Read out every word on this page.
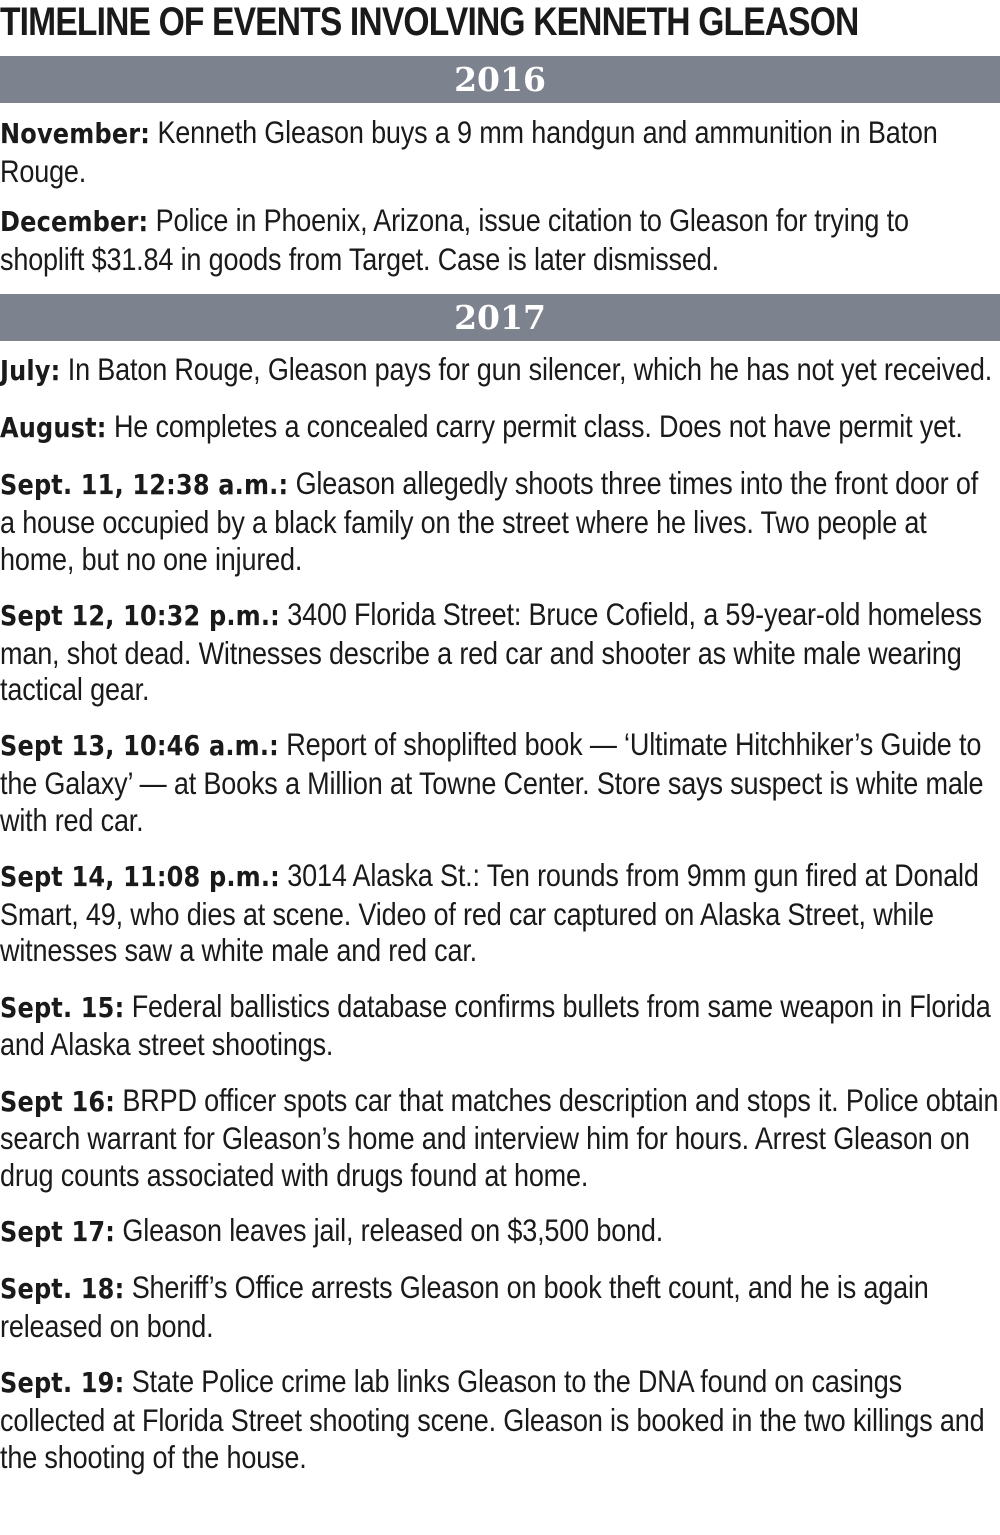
TIMELINE OF EVENTS INVOLVING KENNETH GLEASON
2016

November: Kenneth Gleason buys a 9 mm handgun and ammunition in Baton Rouge.

December: Police in Phoenix, Arizona, issue citation to Gleason for trying to shoplift $31.84 in goods from Target. Case is later dismissed.

2017

July: In Baton Rouge, Gleason pays for gun silencer, which he has not yet received.

August: He completes a concealed carry permit class. Does not have permit yet.

Sept. 11, 12:38 a.m.: Gleason allegedly shoots three times into the front door of a house occupied by a black family on the street where he lives. Two people at home, but no one injured.

Sept 12, 10:32 p.m.: 3400 Florida Street: Bruce Cofield, a 59-year-old homeless man, shot dead. Witnesses describe a red car and shooter as white male wearing tactical gear.

Sept 13, 10:46 a.m.: Report of shoplifted book — ‘Ultimate Hitchhiker’s Guide to the Galaxy’ — at Books a Million at Towne Center. Store says suspect is white male with red car.

Sept 14, 11:08 p.m.: 3014 Alaska St.: Ten rounds from 9mm gun fired at Donald Smart, 49, who dies at scene. Video of red car captured on Alaska Street, while witnesses saw a white male and red car.

Sept. 15: Federal ballistics database confirms bullets from same weapon in Florida and Alaska street shootings.

Sept 16: BRPD officer spots car that matches description and stops it. Police obtain search warrant for Gleason’s home and interview him for hours. Arrest Gleason on drug counts associated with drugs found at home.

Sept 17: Gleason leaves jail, released on $3,500 bond.

Sept. 18: Sheriff’s Office arrests Gleason on book theft count, and he is again released on bond.

Sept. 19: State Police crime lab links Gleason to the DNA found on casings collected at Florida Street shooting scene. Gleason is booked in the two killings and the shooting of the house.
